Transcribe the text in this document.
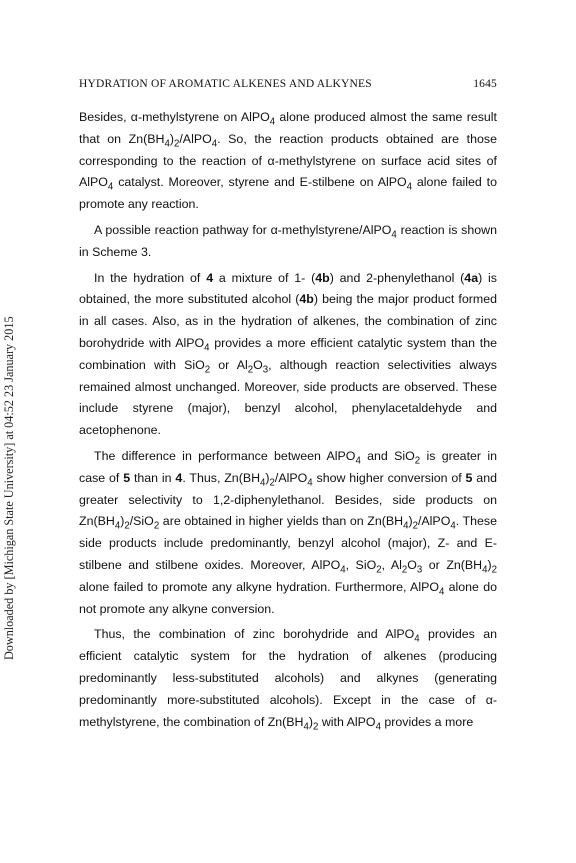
HYDRATION OF AROMATIC ALKENES AND ALKYNES	1645
Downloaded by [Michigan State University] at 04:52 23 January 2015

Besides, α-methylstyrene on AlPO$_4$ alone produced almost the same result that on $Zn(BH_4)_2/AlPO_4$. So, the reaction products obtained are those corresponding to the reaction of α-methylstyrene on surface acid sites of AlPO$_4$ catalyst. Moreover, styrene and E-stilbene on AlPO$_4$ alone failed to promote any reaction.

A possible reaction pathway for α-methylstyrene/AlPO$_4$ reaction is shown in Scheme 3.

In the hydration of 4 a mixture of 1- (4b) and 2-phenylethanol (4a) is obtained, the more substituted alcohol (4b) being the major product formed in all cases. Also, as in the hydration of alkenes, the combination of zinc borohydride with AlPO$_4$ provides a more efficient catalytic system than the combination with SiO$_2$ or $Al_2O_3$, although reaction selectivities always remained almost unchanged. Moreover, side products are observed. These include styrene (major), benzyl alcohol, phenylacetaldehyde and acetophenone.

The difference in performance between AlPO$_4$ and SiO$_2$ is greater in case of 5 than in 4. Thus, $Zn(BH_4)_2/AlPO_4$ show higher conversion of 5 and greater selectivity to 1,2-diphenylethanol. Besides, side products on $Zn(BH_4)_2/SiO_2$ are obtained in higher yields than on $Zn(BH_4)_2/AlPO_4$. These side products include predominantly, benzyl alcohol (major), Z- and E-stilbene and stilbene oxides. Moreover, AlPO$_4$, SiO$_2$, $Al_2O_3$ or $Zn(BH_4)_2$ alone failed to promote any alkyne hydration. Furthermore, AlPO$_4$ alone do not promote any alkyne conversion.

Thus, the combination of zinc borohydride and AlPO$_4$ provides an efficient catalytic system for the hydration of alkenes (producing predominantly less-substituted alcohols) and alkynes (generating predominantly more-substituted alcohols). Except in the case of α-methylstyrene, the combination of $Zn(BH_4)_2$ with AlPO$_4$ provides a more
